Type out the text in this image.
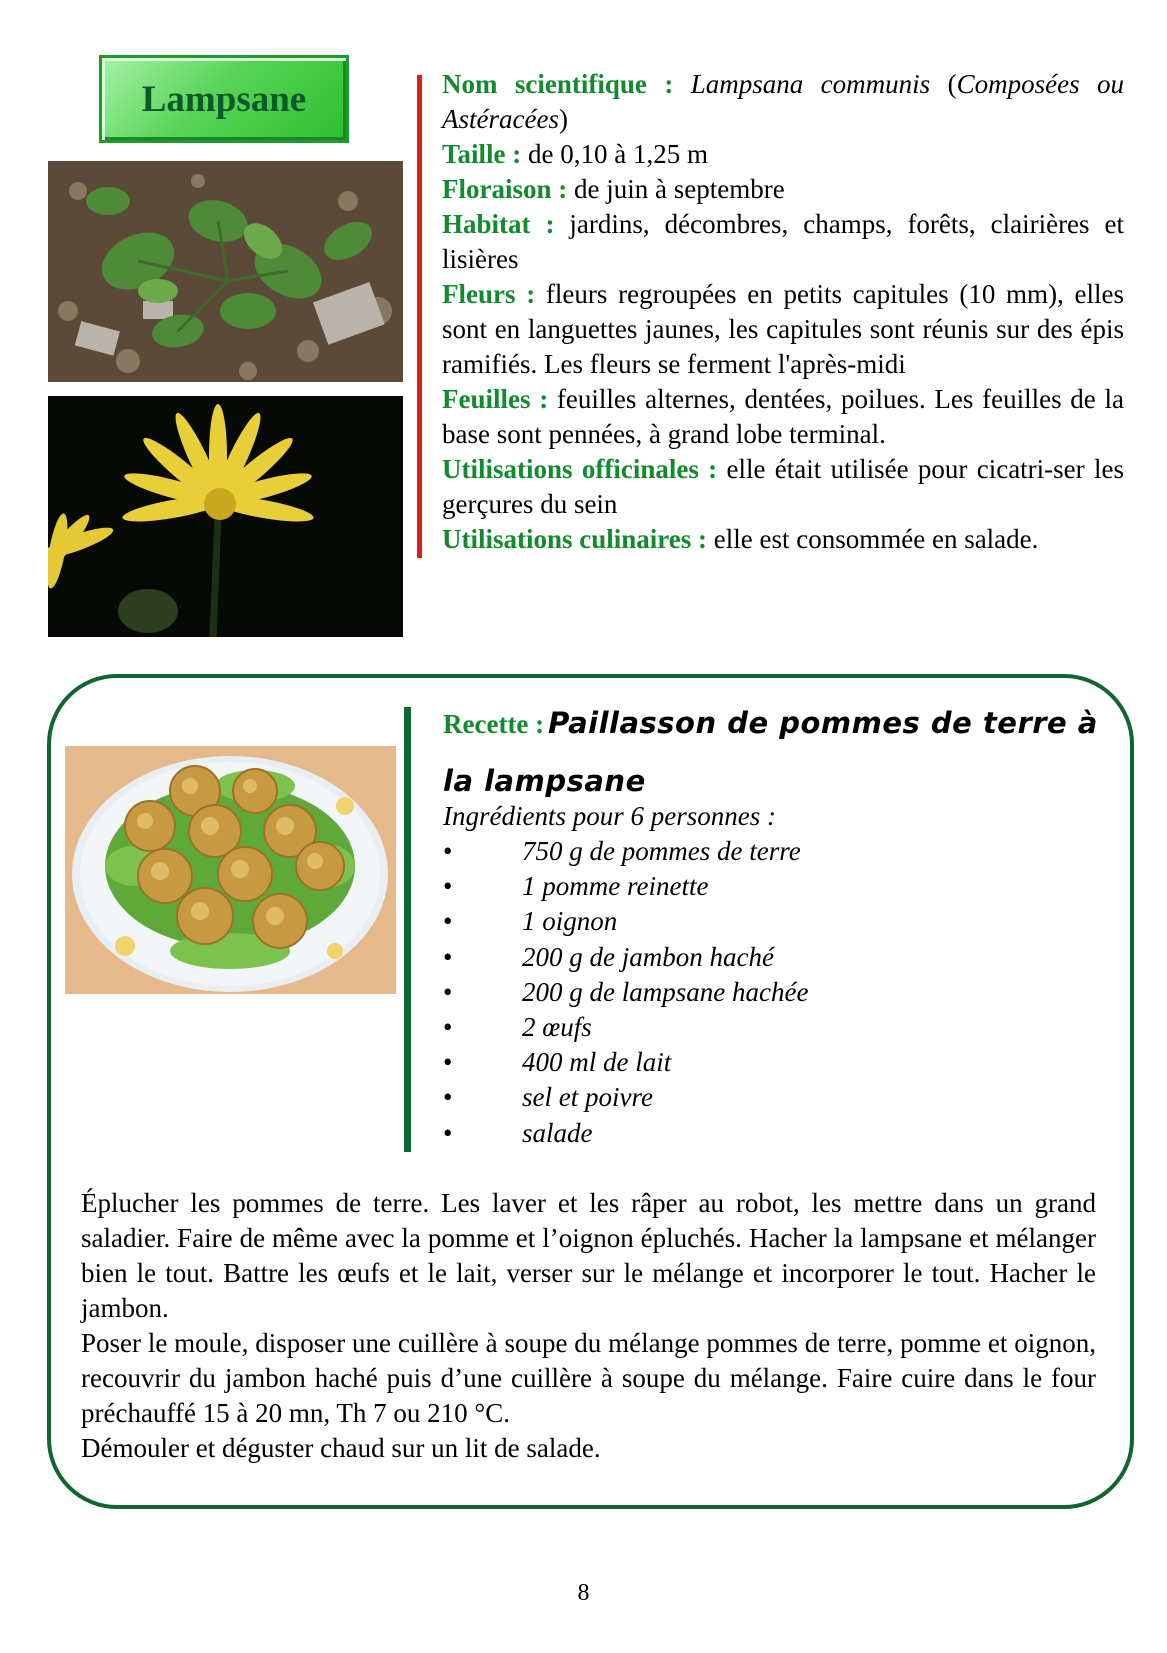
Lampsane	Nom scientifique : Lampsana communis (Composées ou Astéracées)

Taille : de 0,10 à 1,25 m

Floraison : de juin à septembre

Habitat : jardins, décombres, champs, forêts, clairières et lisières

Fleurs : fleurs regroupées en petits capitules (10 mm), elles sont en languettes jaunes, les capitules sont réunis sur des épis ramifiés. Les fleurs se ferment l'après-midi

Feuilles : feuilles alternes, dentées, poilues. Les feuilles de la base sont pennées, à grand lobe terminal.

Utilisations officinales : elle était utilisée pour cicatri-ser les gerçures du sein

Utilisations culinaires : elle est consommée en salade.

Recette : Paillasson de pommes de terre à la lampsane
Ingrédients pour 6 personnes :
•	750 g de pommes de terre
•	1 pomme reinette
•	1 oignon
•	200 g de jambon haché
•	200 g de lampsane hachée
•	2 œufs
•	400 ml de lait
•	sel et poivre
•	salade

Éplucher les pommes de terre. Les laver et les râper au robot, les mettre dans un grand saladier. Faire de même avec la pomme et l’oignon épluchés. Hacher la lampsane et mélanger bien le tout. Battre les œufs et le lait, verser sur le mélange et incorporer le tout. Hacher le jambon.

Poser le moule, disposer une cuillère à soupe du mélange pommes de terre, pomme et oignon, recouvrir du jambon haché puis d’une cuillère à soupe du mélange. Faire cuire dans le four préchauffé 15 à 20 mn, Th 7 ou 210 °C.

Démouler et déguster chaud sur un lit de salade.

8
